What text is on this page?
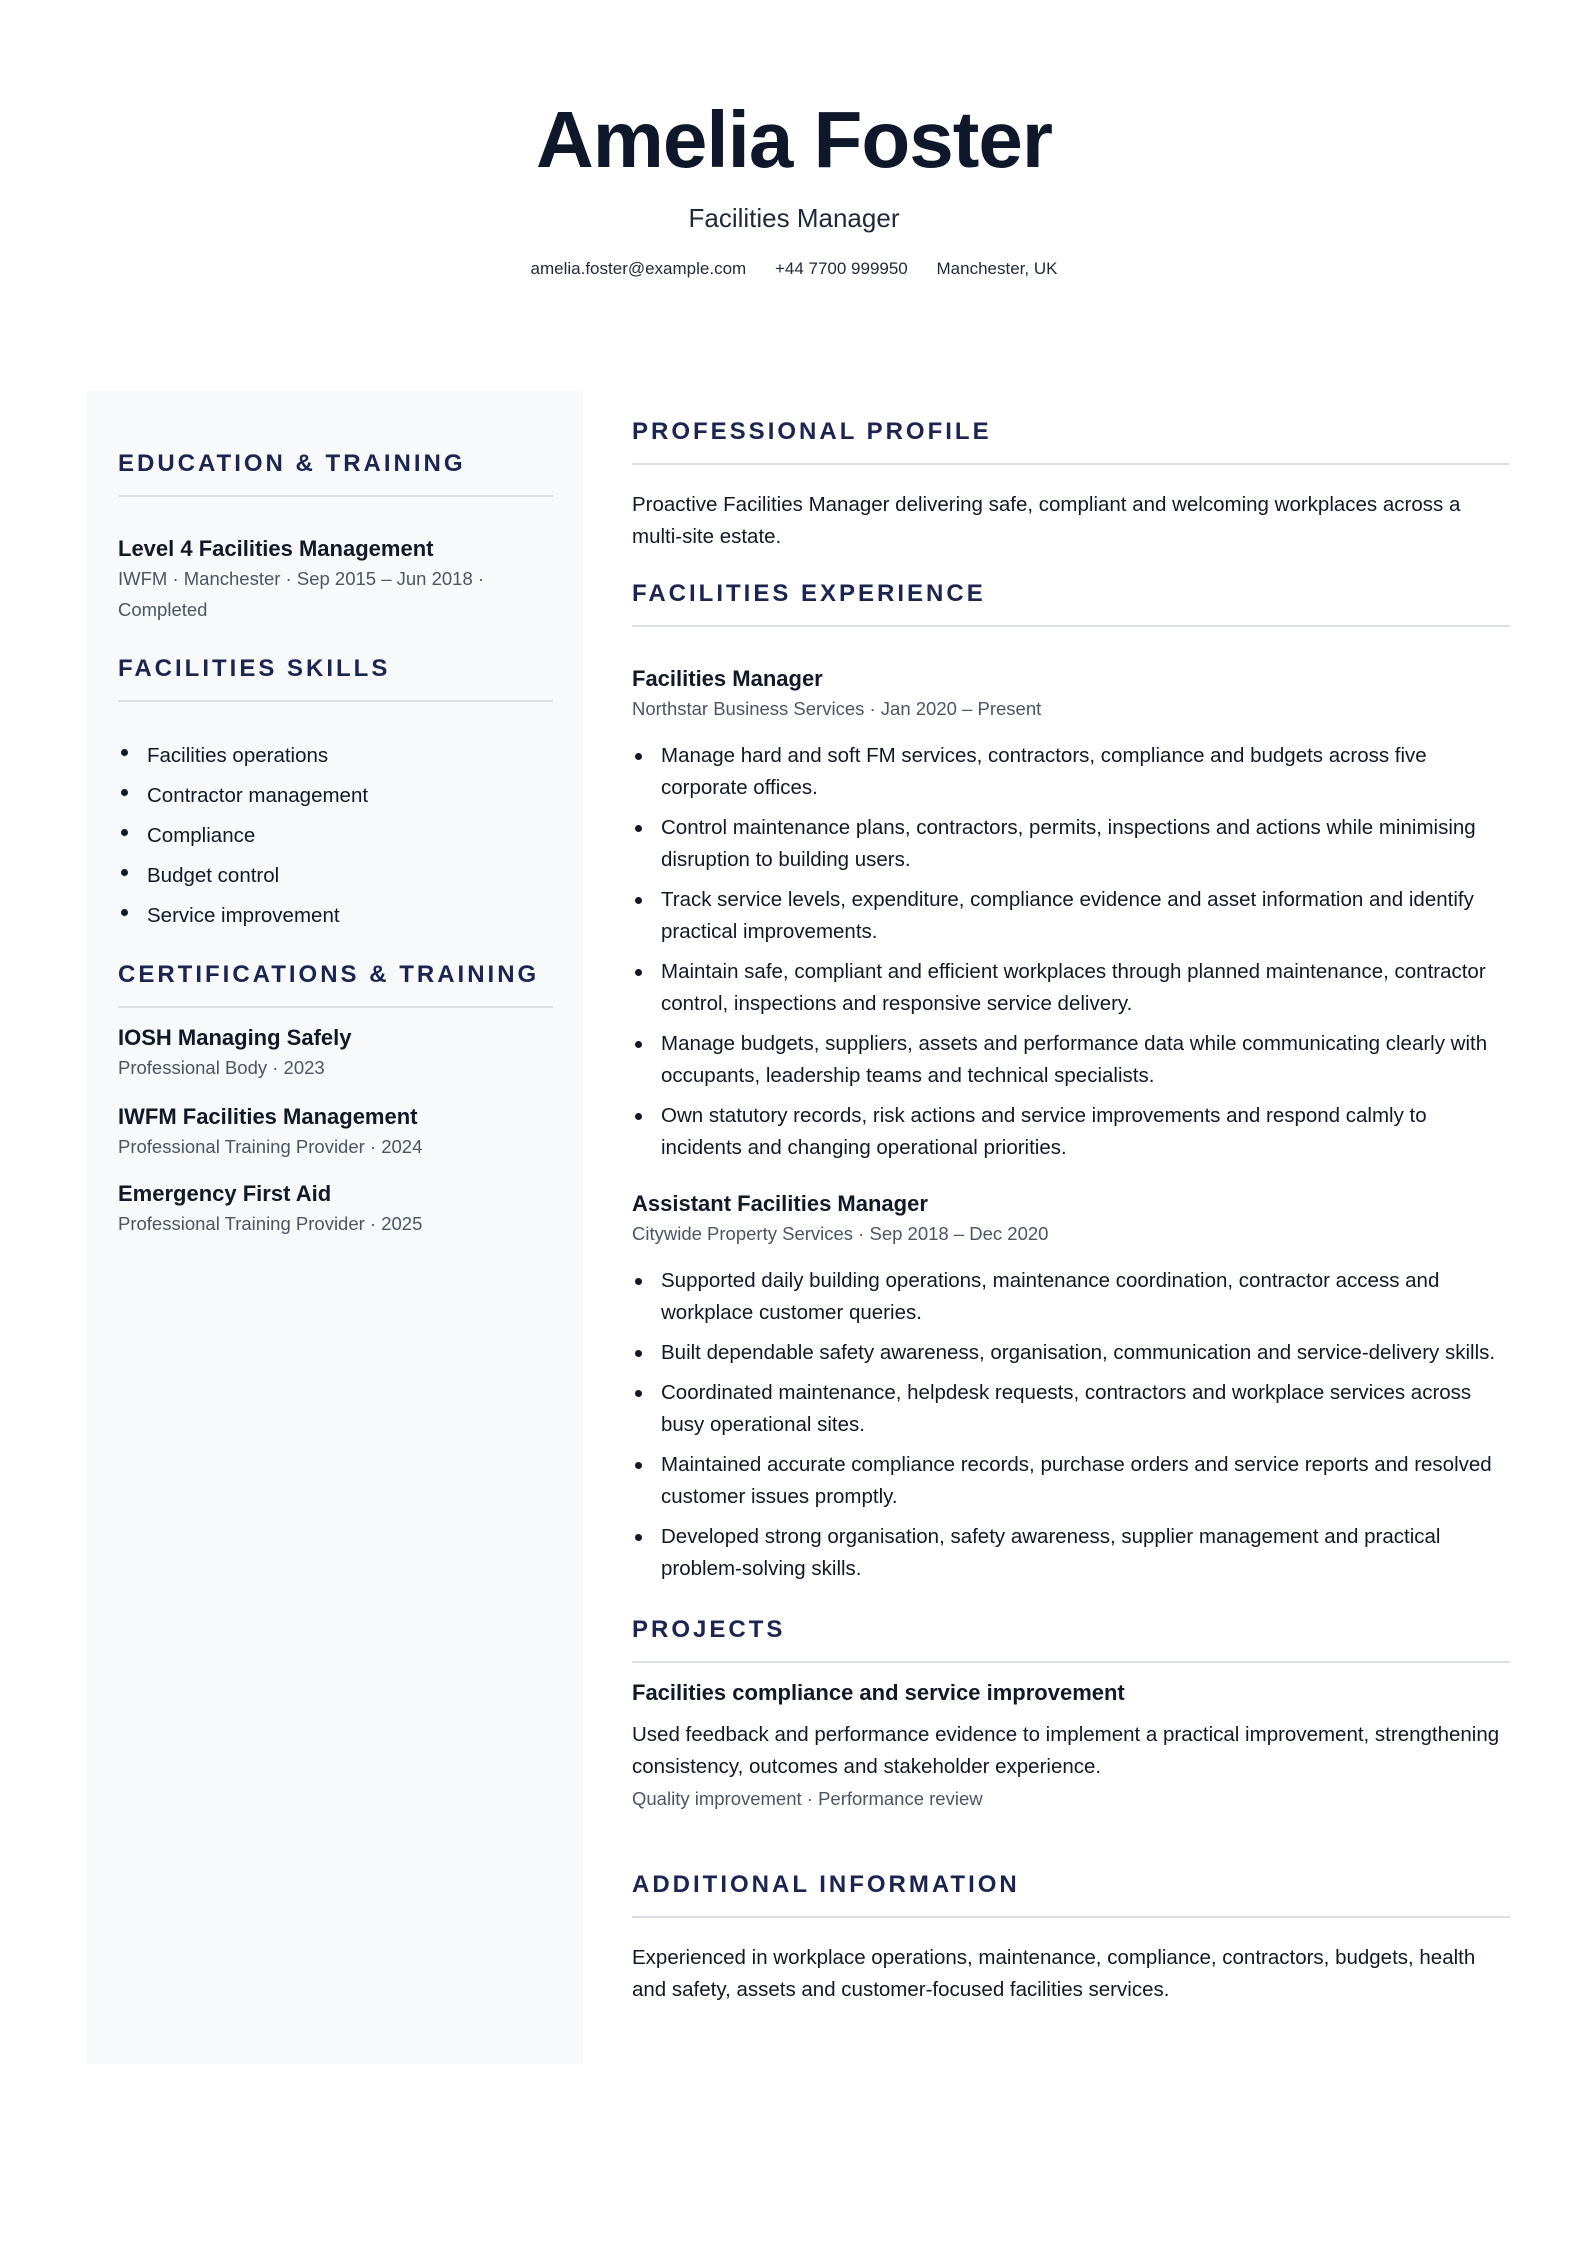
Amelia Foster
Facilities Manager
amelia.foster@example.com +44 7700 999950 Manchester, UK
EDUCATION & TRAINING
Level 4 Facilities Management
IWFM · Manchester · Sep 2015 – Jun 2018 · Completed
FACILITIES SKILLS
Facilities operations
Contractor management
Compliance
Budget control
Service improvement
CERTIFICATIONS & TRAINING
IOSH Managing Safely
Professional Body · 2023
IWFM Facilities Management
Professional Training Provider · 2024
Emergency First Aid
Professional Training Provider · 2025
PROFESSIONAL PROFILE
Proactive Facilities Manager delivering safe, compliant and welcoming workplaces across a multi-site estate.
FACILITIES EXPERIENCE
Facilities Manager
Northstar Business Services · Jan 2020 – Present
Manage hard and soft FM services, contractors, compliance and budgets across five corporate offices.
Control maintenance plans, contractors, permits, inspections and actions while minimising disruption to building users.
Track service levels, expenditure, compliance evidence and asset information and identify practical improvements.
Maintain safe, compliant and efficient workplaces through planned maintenance, contractor control, inspections and responsive service delivery.
Manage budgets, suppliers, assets and performance data while communicating clearly with occupants, leadership teams and technical specialists.
Own statutory records, risk actions and service improvements and respond calmly to incidents and changing operational priorities.
Assistant Facilities Manager
Citywide Property Services · Sep 2018 – Dec 2020
Supported daily building operations, maintenance coordination, contractor access and workplace customer queries.
Built dependable safety awareness, organisation, communication and service-delivery skills.
Coordinated maintenance, helpdesk requests, contractors and workplace services across busy operational sites.
Maintained accurate compliance records, purchase orders and service reports and resolved customer issues promptly.
Developed strong organisation, safety awareness, supplier management and practical problem-solving skills.
PROJECTS
Facilities compliance and service improvement
Used feedback and performance evidence to implement a practical improvement, strengthening consistency, outcomes and stakeholder experience.
Quality improvement · Performance review
ADDITIONAL INFORMATION
Experienced in workplace operations, maintenance, compliance, contractors, budgets, health and safety, assets and customer-focused facilities services.
